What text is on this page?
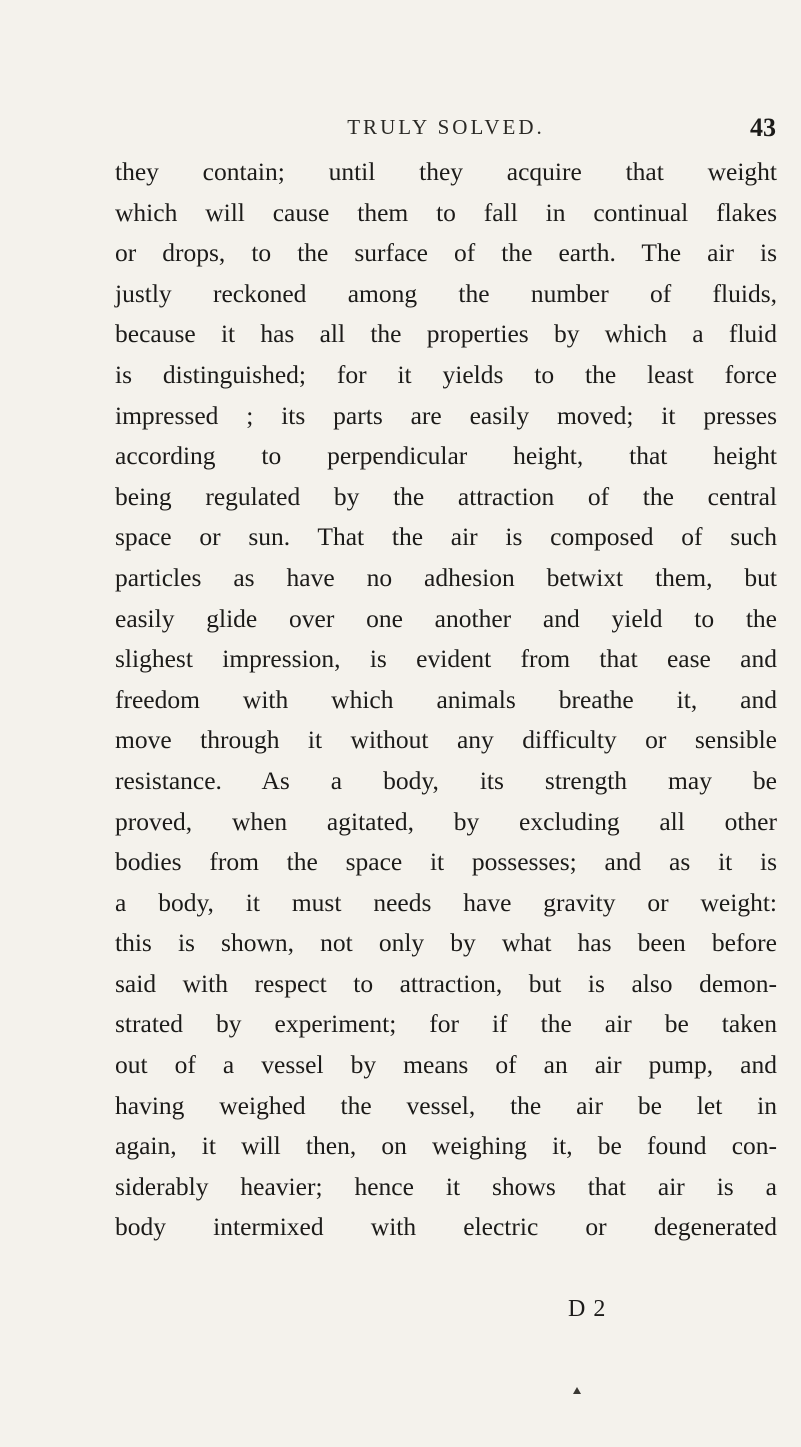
TRULY SOLVED.	43
they contain; until they acquire that weight
which will cause them to fall in continual flakes
or drops, to the surface of the earth. The air is
justly reckoned among the number of fluids,
because it has all the properties by which a fluid
is distinguished; for it yields to the least force
impressed ; its parts are easily moved; it presses
according to perpendicular height, that height
being regulated by the attraction of the central
space or sun. That the air is composed of such
particles as have no adhesion betwixt them, but
easily glide over one another and yield to the
slighest impression, is evident from that ease and
freedom with which animals breathe it, and
move through it without any difficulty or sensible
resistance. As a body, its strength may be
proved, when agitated, by excluding all other
bodies from the space it possesses; and as it is
a body, it must needs have gravity or weight:
this is shown, not only by what has been before
said with respect to attraction, but is also demon-
strated by experiment; for if the air be taken
out of a vessel by means of an air pump, and
having weighed the vessel, the air be let in
again, it will then, on weighing it, be found con-
siderably heavier; hence it shows that air is a
body intermixed with electric or degenerated
D 2
